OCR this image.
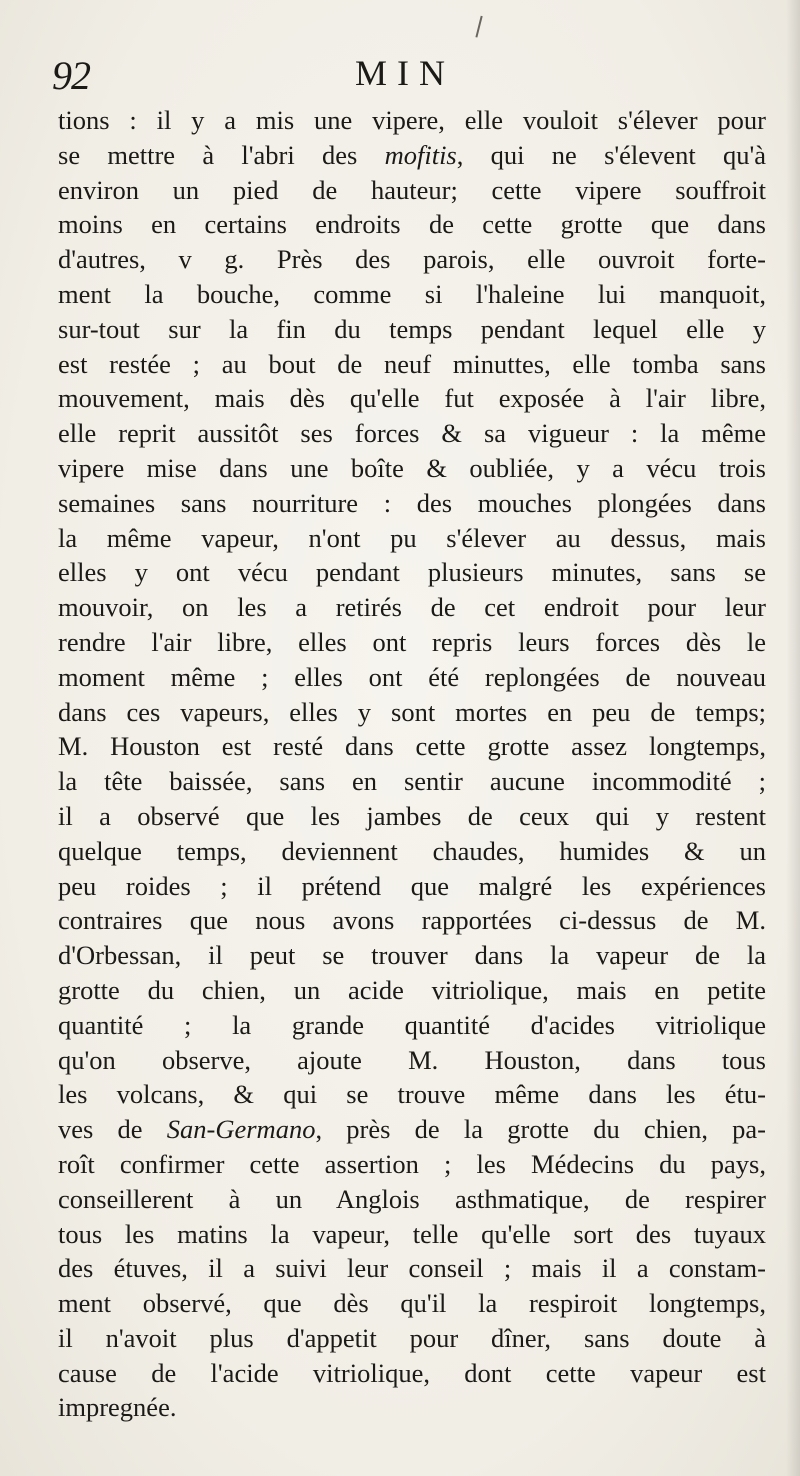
92	MIN
tions : il y a mis une vipere, elle vouloit s'élever pour
se mettre à l'abri des mofitis, qui ne s'élevent qu'à
environ un pied de hauteur; cette vipere souffroit
moins en certains endroits de cette grotte que dans
d'autres, v g. Près des parois, elle ouvroit forte-
ment la bouche, comme si l'haleine lui manquoit,
sur-tout sur la fin du temps pendant lequel elle y
est restée ; au bout de neuf minuttes, elle tomba sans
mouvement, mais dès qu'elle fut exposée à l'air libre,
elle reprit aussitôt ses forces & sa vigueur : la même
vipere mise dans une boîte & oubliée, y a vécu trois
semaines sans nourriture : des mouches plongées dans
la même vapeur, n'ont pu s'élever au dessus, mais
elles y ont vécu pendant plusieurs minutes, sans se
mouvoir, on les a retirés de cet endroit pour leur
rendre l'air libre, elles ont repris leurs forces dès le
moment même ; elles ont été replongées de nouveau
dans ces vapeurs, elles y sont mortes en peu de temps;
M. Houston est resté dans cette grotte assez longtemps,
la tête baissée, sans en sentir aucune incommodité ;
il a observé que les jambes de ceux qui y restent
quelque temps, deviennent chaudes, humides & un
peu roides ; il prétend que malgré les expériences
contraires que nous avons rapportées ci-dessus de M.
d'Orbessan, il peut se trouver dans la vapeur de la
grotte du chien, un acide vitriolique, mais en petite
quantité ; la grande quantité d'acides vitriolique
qu'on observe, ajoute M. Houston, dans tous
les volcans, & qui se trouve même dans les étu-
ves de San-Germano, près de la grotte du chien, pa-
roît confirmer cette assertion ; les Médecins du pays,
conseillerent à un Anglois asthmatique, de respirer
tous les matins la vapeur, telle qu'elle sort des tuyaux
des étuves, il a suivi leur conseil ; mais il a constam-
ment observé, que dès qu'il la respiroit longtemps,
il n'avoit plus d'appetit pour dîner, sans doute à
cause de l'acide vitriolique, dont cette vapeur est
impregnée.
